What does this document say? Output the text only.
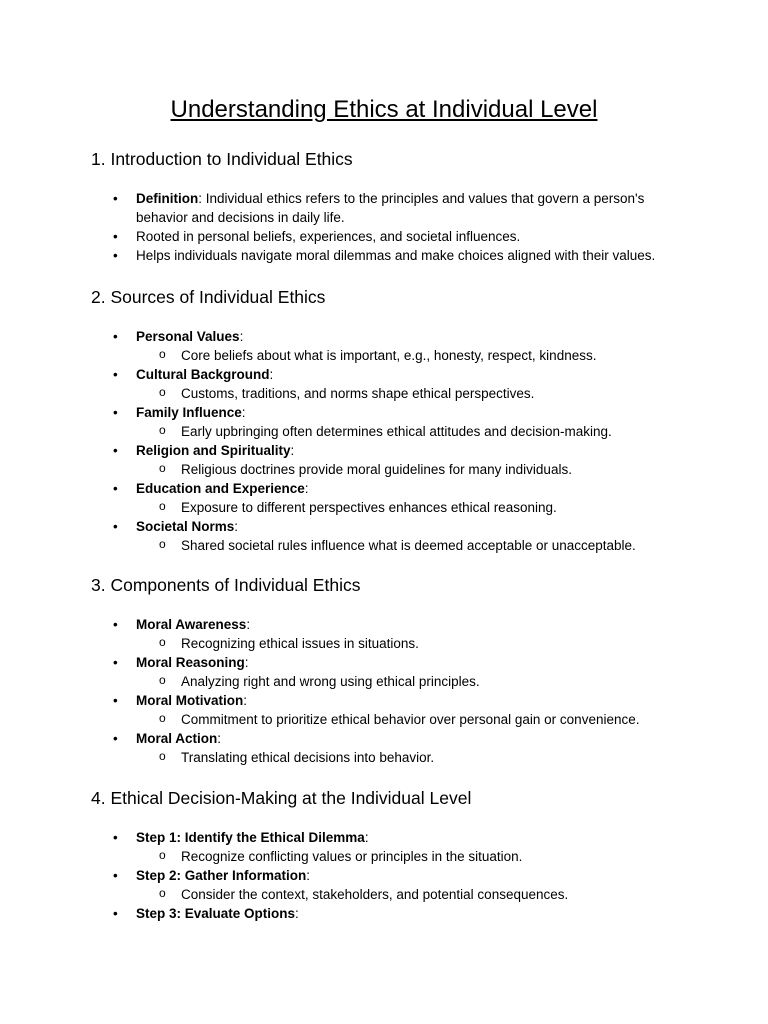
Understanding Ethics at Individual Level
1. Introduction to Individual Ethics
• Definition: Individual ethics refers to the principles and values that govern a person's behavior and decisions in daily life.
• Rooted in personal beliefs, experiences, and societal influences.
• Helps individuals navigate moral dilemmas and make choices aligned with their values.
2. Sources of Individual Ethics
• Personal Values:
o Core beliefs about what is important, e.g., honesty, respect, kindness.
• Cultural Background:
o Customs, traditions, and norms shape ethical perspectives.
• Family Influence:
o Early upbringing often determines ethical attitudes and decision-making.
• Religion and Spirituality:
o Religious doctrines provide moral guidelines for many individuals.
• Education and Experience:
o Exposure to different perspectives enhances ethical reasoning.
• Societal Norms:
o Shared societal rules influence what is deemed acceptable or unacceptable.
3. Components of Individual Ethics
• Moral Awareness:
o Recognizing ethical issues in situations.
• Moral Reasoning:
o Analyzing right and wrong using ethical principles.
• Moral Motivation:
o Commitment to prioritize ethical behavior over personal gain or convenience.
• Moral Action:
o Translating ethical decisions into behavior.
4. Ethical Decision-Making at the Individual Level
• Step 1: Identify the Ethical Dilemma:
o Recognize conflicting values or principles in the situation.
• Step 2: Gather Information:
o Consider the context, stakeholders, and potential consequences.
• Step 3: Evaluate Options:
